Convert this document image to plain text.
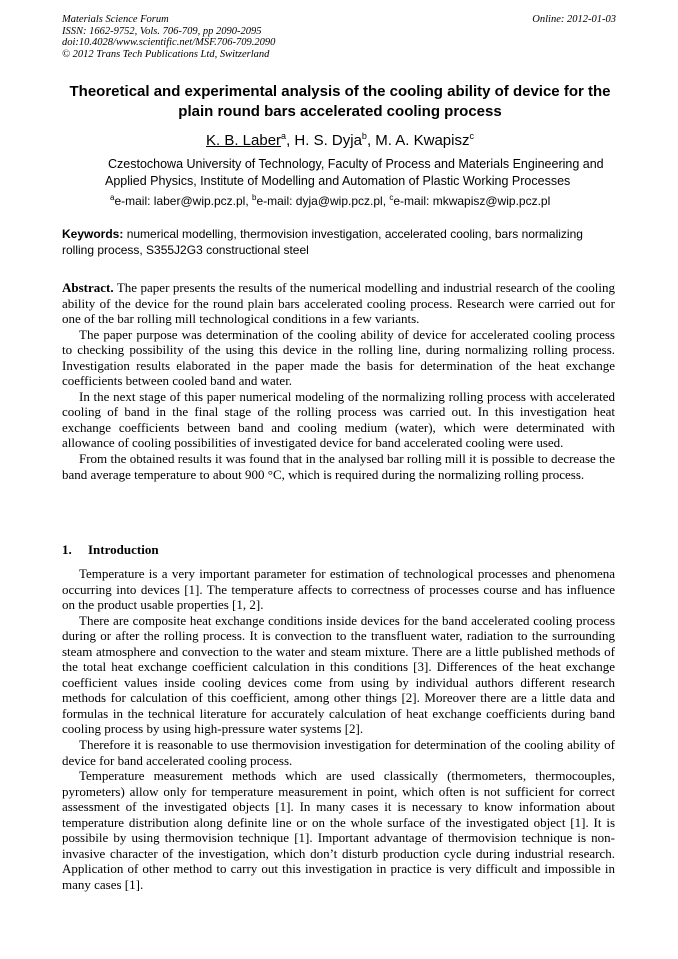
Materials Science Forum
ISSN: 1662-9752, Vols. 706-709, pp 2090-2095
doi:10.4028/www.scientific.net/MSF.706-709.2090
© 2012 Trans Tech Publications Ltd, Switzerland
Online: 2012-01-03
Theoretical and experimental analysis of the cooling ability of device for the plain round bars accelerated cooling process
K. B. Laber$^a$, H. S. Dyja$^b$, M. A. Kwapisz$^c$
Czestochowa University of Technology, Faculty of Process and Materials Engineering and
Applied Physics, Institute of Modelling and Automation of Plastic Working Processes
$^a$e-mail: laber@wip.pcz.pl, $^b$e-mail: dyja@wip.pcz.pl, $^c$e-mail: mkwapisz@wip.pcz.pl
Keywords: numerical modelling, thermovision investigation, accelerated cooling, bars normalizing rolling process, S355J2G3 constructional steel

Abstract. The paper presents the results of the numerical modelling and industrial research of the cooling ability of the device for the round plain bars accelerated cooling process. Research were carried out for one of the bar rolling mill technological conditions in a few variants.

The paper purpose was determination of the cooling ability of device for accelerated cooling process to checking possibility of the using this device in the rolling line, during normalizing rolling process. Investigation results elaborated in the paper made the basis for determination of the heat exchange coefficients between cooled band and water.

In the next stage of this paper numerical modeling of the normalizing rolling process with accelerated cooling of band in the final stage of the rolling process was carried out. In this investigation heat exchange coefficients between band and cooling medium (water), which were determinated with allowance of cooling possibilities of investigated device for band accelerated cooling were used.

From the obtained results it was found that in the analysed bar rolling mill it is possible to decrease the band average temperature to about 900 °C, which is required during the normalizing rolling process.

1. Introduction

Temperature is a very important parameter for estimation of technological processes and phenomena occurring into devices [1]. The temperature affects to correctness of processes course and has influence on the product usable properties [1, 2].

There are composite heat exchange conditions inside devices for the band accelerated cooling process during or after the rolling process. It is convection to the transfluent water, radiation to the surrounding steam atmosphere and convection to the water and steam mixture. There are a little published methods of the total heat exchange coefficient calculation in this conditions [3]. Differences of the heat exchange coefficient values inside cooling devices come from using by individual authors different research methods for calculation of this coefficient, among other things [2]. Moreover there are a little data and formulas in the technical literature for accurately calculation of heat exchange coefficients during band cooling process by using high-pressure water systems [2].

Therefore it is reasonable to use thermovision investigation for determination of the cooling ability of device for band accelerated cooling process.

Temperature measurement methods which are used classically (thermometers, thermocouples, pyrometers) allow only for temperature measurement in point, which often is not sufficient for correct assessment of the investigated objects [1]. In many cases it is necessary to know information about temperature distribution along definite line or on the whole surface of the investigated object [1]. It is possibile by using thermovision technique [1]. Important advantage of thermovision technique is non-invasive character of the investigation, which don’t disturb production cycle during industrial research. Application of other method to carry out this investigation in practice is very difficult and impossible in many cases [1].
